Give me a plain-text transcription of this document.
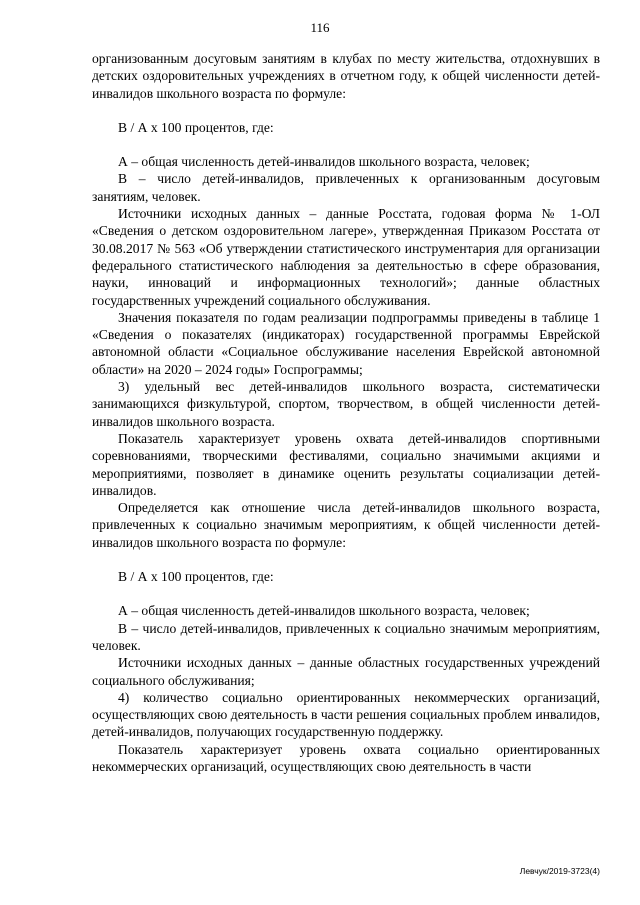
116

организованным досуговым занятиям в клубах по месту жительства, отдохнувших в детских оздоровительных учреждениях в отчетном году, к общей численности детей-инвалидов школьного возраста по формуле:

В / А х 100 процентов, где:

А – общая численность детей-инвалидов школьного возраста, человек;

В – число детей-инвалидов, привлеченных к организованным досуговым занятиям, человек.

Источники исходных данных – данные Росстата, годовая форма № 1-ОЛ «Сведения о детском оздоровительном лагере», утвержденная Приказом Росстата от 30.08.2017 № 563 «Об утверждении статистического инструментария для организации федерального статистического наблюдения за деятельностью в сфере образования, науки, инноваций и информационных технологий»; данные областных государственных учреждений социального обслуживания.

Значения показателя по годам реализации подпрограммы приведены в таблице 1 «Сведения о показателях (индикаторах) государственной программы Еврейской автономной области «Социальное обслуживание населения Еврейской автономной области» на 2020 – 2024 годы» Госпрограммы;

3) удельный вес детей-инвалидов школьного возраста, систематически занимающихся физкультурой, спортом, творчеством, в общей численности детей-инвалидов школьного возраста.

Показатель характеризует уровень охвата детей-инвалидов спортивными соревнованиями, творческими фестивалями, социально значимыми акциями и мероприятиями, позволяет в динамике оценить результаты социализации детей-инвалидов.

Определяется как отношение числа детей-инвалидов школьного возраста, привлеченных к социально значимым мероприятиям, к общей численности детей-инвалидов школьного возраста по формуле:

В / А х 100 процентов, где:

А – общая численность детей-инвалидов школьного возраста, человек;

В – число детей-инвалидов, привлеченных к социально значимым мероприятиям, человек.

Источники исходных данных – данные областных государственных учреждений социального обслуживания;

4) количество социально ориентированных некоммерческих организаций, осуществляющих свою деятельность в части решения социальных проблем инвалидов, детей-инвалидов, получающих государственную поддержку.

Показатель характеризует уровень охвата социально ориентированных некоммерческих организаций, осуществляющих свою деятельность в части

Левчук/2019-3723(4)
